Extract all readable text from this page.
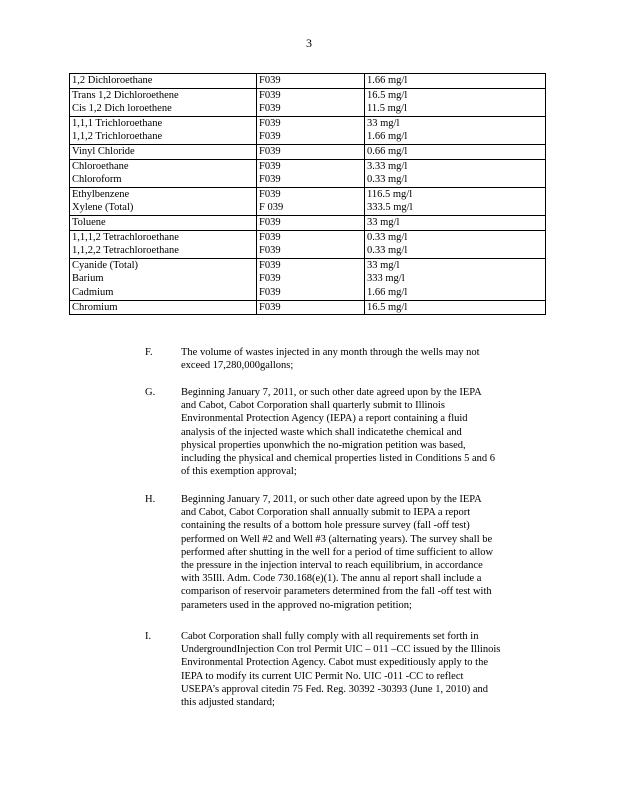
3
1,2 Dichloroethane	F039	1.66 mg/l
Trans 1,2 Dichloroethene	F039	16.5 mg/l
Cis 1,2 Dich loroethene	F039	11.5 mg/l
1,1,1 Trichloroethane	F039	33 mg/l
1,1,2 Trichloroethane	F039	1.66 mg/l
Vinyl Chloride	F039	0.66 mg/l
Chloroethane	F039	3.33 mg/l
Chloroform	F039	0.33 mg/l
Ethylbenzene	F039	116.5 mg/l
Xylene (Total)	F 039	333.5 mg/l
Toluene	F039	33 mg/l
1,1,1,2 Tetrachloroethane	F039	0.33 mg/l
1,1,2,2 Tetrachloroethane	F039	0.33 mg/l
Cyanide (Total)	F039	33 mg/l
Barium	F039	333 mg/l
Cadmium	F039	1.66 mg/l
Chromium	F039	16.5 mg/l
F.	The volume of wastes injected in any month through the wells may not
exceed 17,280,000gallons;
G. Beginning January 7, 2011, or such other date agreed upon by the IEPA
and Cabot, Cabot Corporation shall quarterly submit to Illinois
Environmental Protection Agency (IEPA) a report containing a fluid
analysis of the injected waste which shall indicatethe chemical and
physical properties uponwhich the no-migration petition was based,
including the physical and chemical properties listed in Conditions 5 and 6
of this exemption approval;
H. Beginning January 7, 2011, or such other date agreed upon by the IEPA
and Cabot, Cabot Corporation shall annually submit to IEPA a report
containing the results of a bottom hole pressure survey (fall -off test)
performed on Well #2 and Well #3 (alternating years). The survey shall be
performed after shutting in the well for a period of time sufficient to allow
the pressure in the injection interval to reach equilibrium, in accordance
with 35Ill. Adm. Code 730.168(e)(1). The annu al report shall include a
comparison of reservoir parameters determined from the fall -off test with
parameters used in the approved no-migration petition;
I.	Cabot Corporation shall fully comply with all requirements set forth in
UndergroundInjection Con trol Permit UIC – 011 –CC issued by the Illinois
Environmental Protection Agency. Cabot must expeditiously apply to the
IEPA to modify its current UIC Permit No. UIC -011 -CC to reflect
USEPA’s approval citedin 75 Fed. Reg. 30392 -30393 (June 1, 2010) and
this adjusted standard;
